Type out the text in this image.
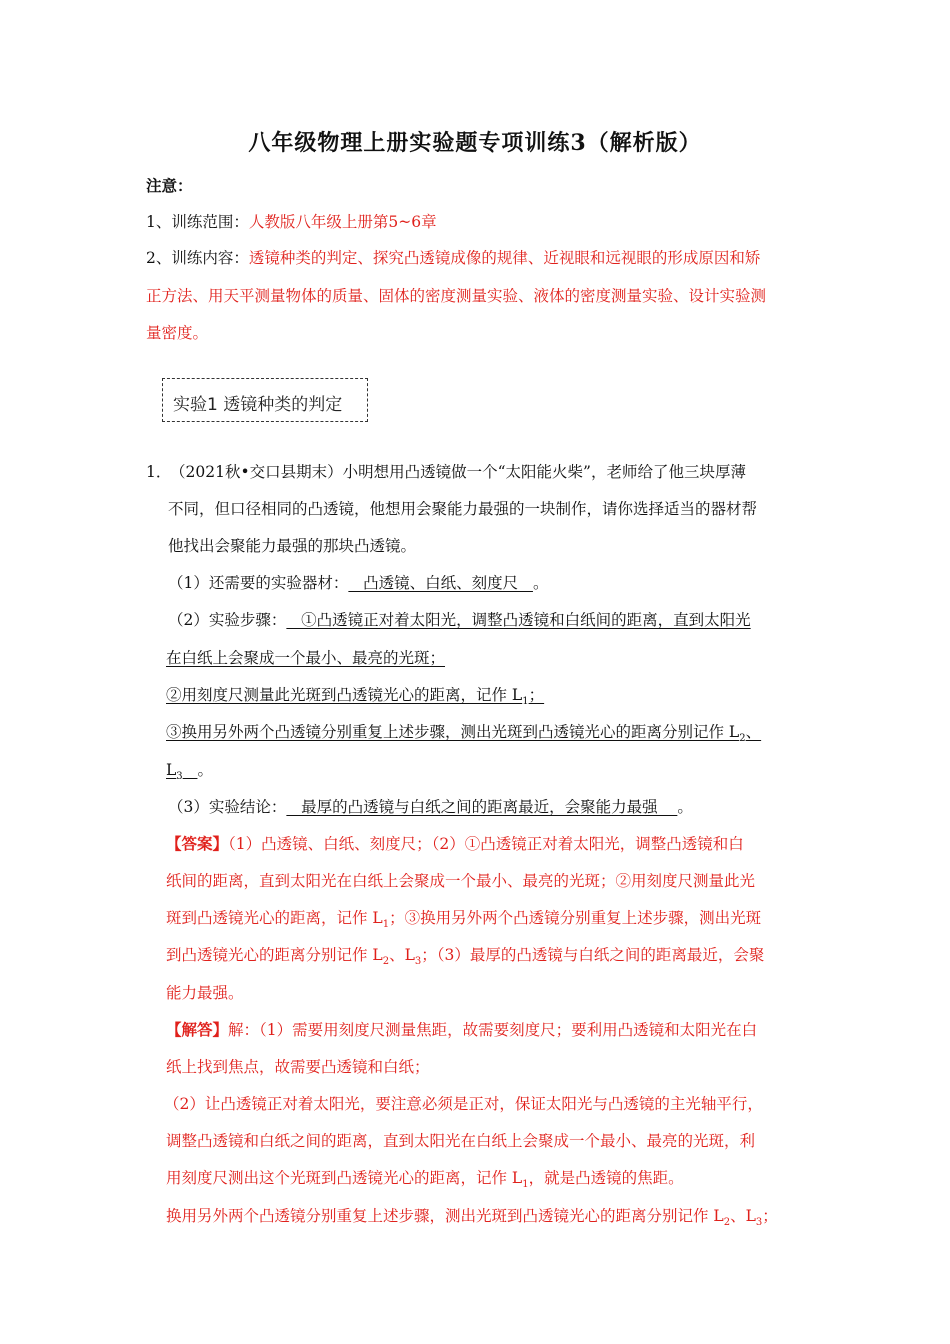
八年级物理上册实验题专项训练3（解析版）
注意：
1、训练范围：人教版八年级上册第5~6章
2、训练内容：透镜种类的判定、探究凸透镜成像的规律、近视眼和远视眼的形成原因和矫
正方法、用天平测量物体的质量、固体的密度测量实验、液体的密度测量实验、设计实验测
量密度。
实验1 透镜种类的判定
1．
（2021秋•交口县期末）小明想用凸透镜做一个“太阳能火柴”，老师给了他三块厚薄
不同，但口径相同的凸透镜，他想用会聚能力最强的一块制作，请你选择适当的器材帮
他找出会聚能力最强的那块凸透镜。
（1）还需要的实验器材：   凸透镜、白纸、刻度尺   。
（2）实验步骤：   ①凸透镜正对着太阳光，调整凸透镜和白纸间的距离，直到太阳光
在白纸上会聚成一个最小、最亮的光斑；
②用刻度尺测量此光斑到凸透镜光心的距离，记作 $L_1$；
③换用另外两个凸透镜分别重复上述步骤，测出光斑到凸透镜光心的距离分别记作 $L_2$、
$L_3$ 。
（3）实验结论：   最厚的凸透镜与白纸之间的距离最近，会聚能力最强    。
【答案】（1）凸透镜、白纸、刻度尺；（2）①凸透镜正对着太阳光，调整凸透镜和白
纸间的距离，直到太阳光在白纸上会聚成一个最小、最亮的光斑；②用刻度尺测量此光
斑到凸透镜光心的距离，记作 $L_1$；③换用另外两个凸透镜分别重复上述步骤，测出光斑
到凸透镜光心的距离分别记作 $L_2$、$L_3$；（3）最厚的凸透镜与白纸之间的距离最近，会聚
能力最强。
【解答】解：（1）需要用刻度尺测量焦距，故需要刻度尺；要利用凸透镜和太阳光在白
纸上找到焦点，故需要凸透镜和白纸；
（2）让凸透镜正对着太阳光，要注意必须是正对，保证太阳光与凸透镜的主光轴平行，
调整凸透镜和白纸之间的距离，直到太阳光在白纸上会聚成一个最小、最亮的光斑，利
用刻度尺测出这个光斑到凸透镜光心的距离，记作 $L_1$，就是凸透镜的焦距。
换用另外两个凸透镜分别重复上述步骤，测出光斑到凸透镜光心的距离分别记作 $L_2$、$L_3$；
